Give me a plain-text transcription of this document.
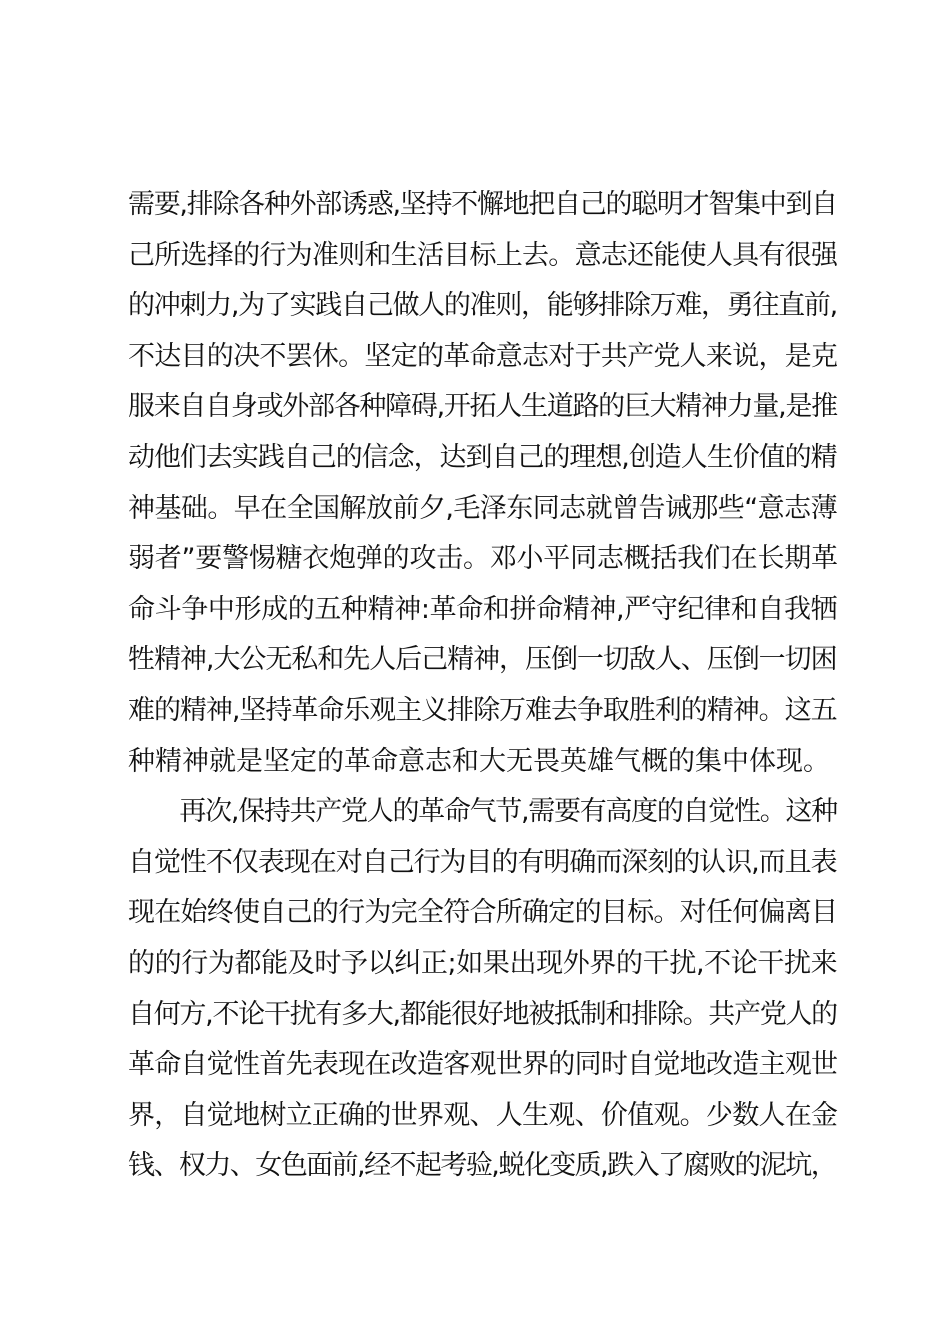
需要,排除各种外部诱惑,坚持不懈地把自己的聪明才智集中到自
己所选择的行为准则和生活目标上去。意志还能使人具有很强
的冲刺力,为了实践自己做人的准则，能够排除万难，勇往直前,
不达目的决不罢休。坚定的革命意志对于共产党人来说，是克
服来自自身或外部各种障碍,开拓人生道路的巨大精神力量,是推
动他们去实践自己的信念，达到自己的理想,创造人生价值的精
神基础。早在全国解放前夕,毛泽东同志就曾告诫那些“意志薄
弱者”要警惕糖衣炮弹的攻击。邓小平同志概括我们在长期革
命斗争中形成的五种精神:革命和拼命精神,严守纪律和自我牺
牲精神,大公无私和先人后己精神，压倒一切敌人、压倒一切困
难的精神,坚持革命乐观主义排除万难去争取胜利的精神。这五
种精神就是坚定的革命意志和大无畏英雄气概的集中体现。
　　再次,保持共产党人的革命气节,需要有高度的自觉性。这种
自觉性不仅表现在对自己行为目的有明确而深刻的认识,而且表
现在始终使自己的行为完全符合所确定的目标。对任何偏离目
的的行为都能及时予以纠正;如果出现外界的干扰,不论干扰来
自何方,不论干扰有多大,都能很好地被抵制和排除。共产党人的
革命自觉性首先表现在改造客观世界的同时自觉地改造主观世
界，自觉地树立正确的世界观、人生观、价值观。少数人在金
钱、权力、女色面前,经不起考验,蜕化变质,跌入了腐败的泥坑，
